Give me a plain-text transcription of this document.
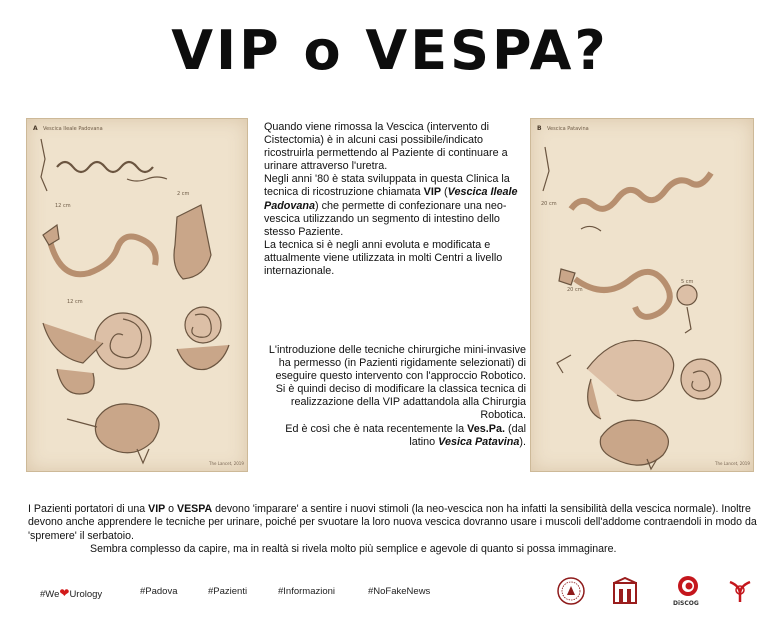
VIP o VESPA?
A Vescica Ileale Padovana
12 cm
2 cm
12 cm
The Lancet, 2019
B Vescica Patavina
20 cm
5 cm
20 cm
The Lancet, 2019

Quando viene rimossa la Vescica (intervento di Cistectomia) è in alcuni casi possibile/indicato ricostruirla permettendo al Paziente di continuare a urinare attraverso l'uretra.

Negli anni '80 è stata sviluppata in questa Clinica la tecnica di ricostruzione chiamata VIP (Vescica Ileale Padovana) che permette di confezionare una neo-vescica utilizzando un segmento di intestino dello stesso Paziente.

La tecnica si è negli anni evoluta e modificata e attualmente viene utilizzata in molti Centri a livello internazionale.

L'introduzione delle tecniche chirurgiche mini-invasive ha permesso (in Pazienti rigidamente selezionati) di eseguire questo intervento con l'approccio Robotico. Si è quindi deciso di modificare la classica tecnica di realizzazione della VIP adattandola alla Chirurgia Robotica.

Ed è così che è nata recentemente la Ves.Pa. (dal latino Vesica Patavina).

I Pazienti portatori di una VIP o VESPA devono 'imparare' a sentire i nuovi stimoli (la neo-vescica non ha infatti la sensibilità della vescica normale). Inoltre devono anche apprendere le tecniche per urinare, poiché per svuotare la loro nuova vescica dovranno usare i muscoli dell'addome contraendoli in modo da 'spremere' il serbatoio.

Sembra complesso da capire, ma in realtà si rivela molto più semplice e agevole di quanto si possa immaginare.

#We❤Urology	#Padova	#Pazienti	#Informazioni	#NoFakeNews
DiSCOG
